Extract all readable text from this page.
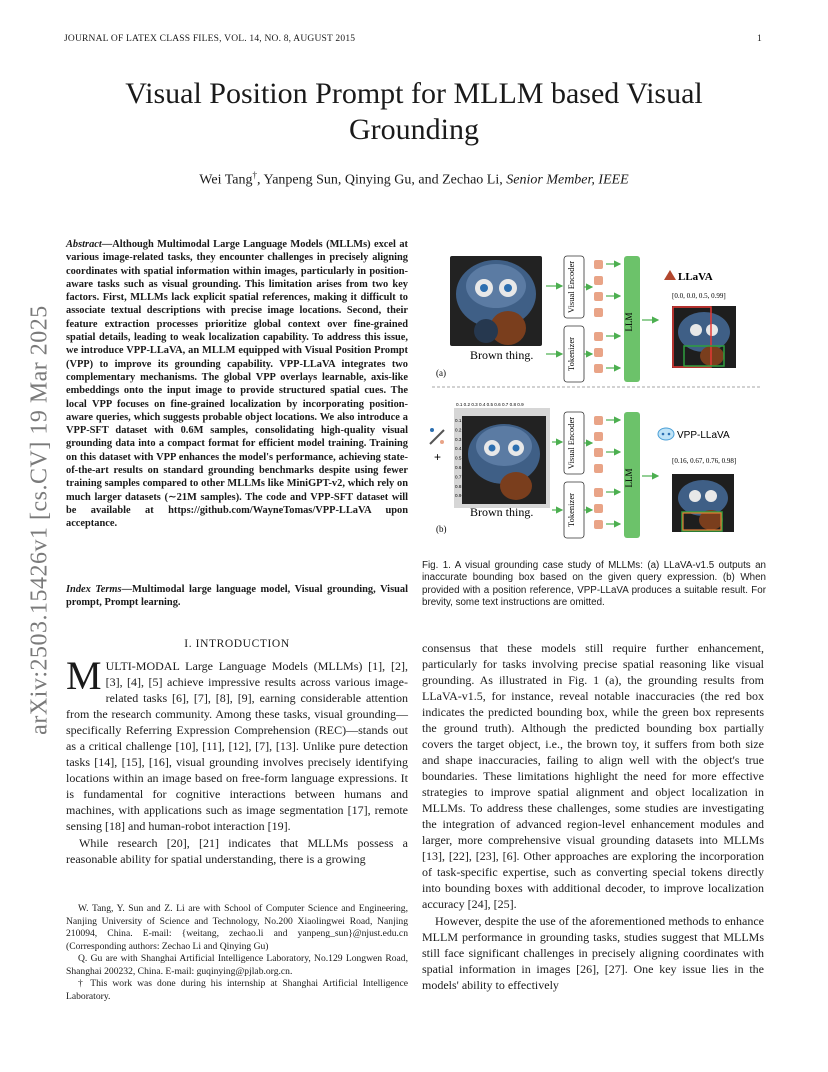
JOURNAL OF LATEX CLASS FILES, VOL. 14, NO. 8, AUGUST 2015	1
Visual Position Prompt for MLLM based Visual Grounding
Wei Tang†, Yanpeng Sun, Qinying Gu, and Zechao Li, Senior Member, IEEE
arXiv:2503.15426v1 [cs.CV] 19 Mar 2025
Abstract—Although Multimodal Large Language Models (MLLMs) excel at various image-related tasks, they encounter challenges in precisely aligning coordinates with spatial information within images, particularly in position-aware tasks such as visual grounding. This limitation arises from two key factors. First, MLLMs lack explicit spatial references, making it difficult to associate textual descriptions with precise image locations. Second, their feature extraction processes prioritize global context over fine-grained spatial details, leading to weak localization capability. To address this issue, we introduce VPP-LLaVA, an MLLM equipped with Visual Position Prompt (VPP) to improve its grounding capability. VPP-LLaVA integrates two complementary mechanisms. The global VPP overlays learnable, axis-like embeddings onto the input image to provide structured spatial cues. The local VPP focuses on fine-grained localization by incorporating position-aware queries, which suggests probable object locations. We also introduce a VPP-SFT dataset with 0.6M samples, consolidating high-quality visual grounding data into a compact format for efficient model training. Training on this dataset with VPP enhances the model's performance, achieving state-of-the-art results on standard grounding benchmarks despite using fewer training samples compared to other MLLMs like MiniGPT-v2, which rely on much larger datasets (∼21M samples). The code and VPP-SFT dataset will be available at https://github.com/WayneTomas/VPP-LLaVA upon acceptance.
Index Terms—Multimodal large language model, Visual grounding, Visual prompt, Prompt learning.
I. INTRODUCTION

MULTI-MODAL Large Language Models (MLLMs) [1], [2], [3], [4], [5] achieve impressive results across various image-related tasks [6], [7], [8], [9], earning considerable attention from the research community. Among these tasks, visual grounding—specifically Referring Expression Comprehension (REC)—stands out as a critical challenge [10], [11], [12], [7], [13]. Unlike pure detection tasks [14], [15], [16], visual grounding involves precisely identifying locations within an image based on free-form language expressions. It is fundamental for cognitive interactions between humans and machines, with applications such as image segmentation [17], remote sensing [18] and human-robot interaction [19].

While research [20], [21] indicates that MLLMs possess a reasonable ability for spatial understanding, there is a growing

W. Tang, Y. Sun and Z. Li are with School of Computer Science and Engineering, Nanjing University of Science and Technology, No.200 Xiaolingwei Road, Nanjing 210094, China. E-mail: {weitang, zechao.li and yanpeng_sun}@njust.edu.cn (Corresponding authors: Zechao Li and Qinying Gu)

Q. Gu are with Shanghai Artificial Intelligence Laboratory, No.129 Longwen Road, Shanghai 200232, China. E-mail: guqinying@pjlab.org.cn.

† This work was done during his internship at Shanghai Artificial Intelligence Laboratory.

Brown thing.
Visual Encoder
Tokenizer
LLM
LLaVA
[0.0, 0.0, 0.5, 0.99]
(a)
+
0.1 0.2 0.3 0.4 0.5 0.6 0.7 0.8 0.9
0.1
0.2
0.3
0.4
0.5
0.6
0.7
0.8
0.9
Brown thing.
Visual Encoder
Tokenizer
LLM
VPP-LLaVA
[0.16, 0.67, 0.76, 0.98]
(b)
Fig. 1. A visual grounding case study of MLLMs: (a) LLaVA-v1.5 outputs an inaccurate bounding box based on the given query expression. (b) When provided with a position reference, VPP-LLaVA produces a suitable result. For brevity, some text instructions are omitted.

consensus that these models still require further enhancement, particularly for tasks involving precise spatial reasoning like visual grounding. As illustrated in Fig. 1 (a), the grounding results from LLaVA-v1.5, for instance, reveal notable inaccuracies (the red box indicates the predicted bounding box, while the green box represents the ground truth). Although the predicted bounding box partially covers the target object, i.e., the brown toy, it suffers from both size and shape inaccuracies, failing to align well with the object's true boundaries. These limitations highlight the need for more effective strategies to improve spatial alignment and object localization in MLLMs. To address these challenges, some studies are investigating the integration of advanced region-level enhancement modules and larger, more comprehensive visual grounding datasets into MLLMs [13], [22], [23], [6]. Other approaches are exploring the incorporation of task-specific expertise, such as converting special tokens directly into bounding boxes with additional decoder, to improve localization accuracy [24], [25].

However, despite the use of the aforementioned methods to enhance MLLM performance in grounding tasks, studies suggest that MLLMs still face significant challenges in precisely aligning coordinates with spatial information in images [26], [27]. One key issue lies in the models' ability to effectively
